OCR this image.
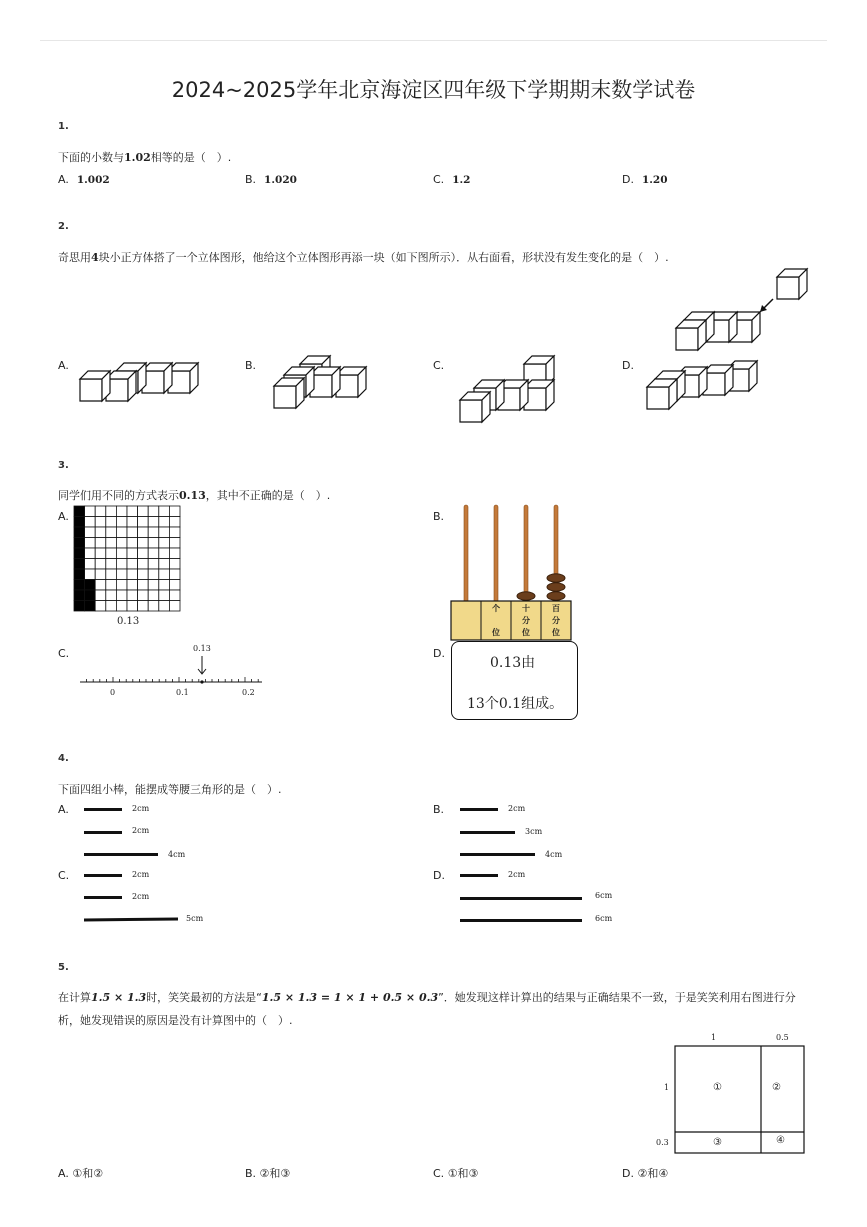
2024~2025学年北京海淀区四年级下学期期末数学试卷
1.
下面的小数与1.02相等的是（　）.
A. 1.002	B. 1.020	C. 1.2	D. 1.20
2.
奇思用4块小正方体搭了一个立体图形，他给这个立体图形再添一块（如下图所示）．从右面看，形状没有发生变化的是（　）.
A.	B.	C.	D.
3.
同学们用不同的方式表示0.13，其中不正确的是（　）.
A.
0.13
B.
个
位
十
分
位
百
分
位
C.	0.13
0	0.1	0.2
D.
0.13由
13个0.1组成。
4.
下面四组小棒，能摆成等腰三角形的是（　）.
A.	2cm
2cm
4cm
B.	2cm
3cm
4cm
C.	2cm
2cm
5cm
D.	2cm
6cm
6cm
5.
在计算1.5 × 1.3时，笑笑最初的方法是“1.5 × 1.3 = 1 × 1 + 0.5 × 0.3”．她发现这样计算出的结果与正确结果不一致，于是笑笑利用右图进行分
析，她发现错误的原因是没有计算图中的（　）.
1	0.5
1
0.3
①	②
③	④
A. ①和②	B. ②和③	C. ①和③	D. ②和④
